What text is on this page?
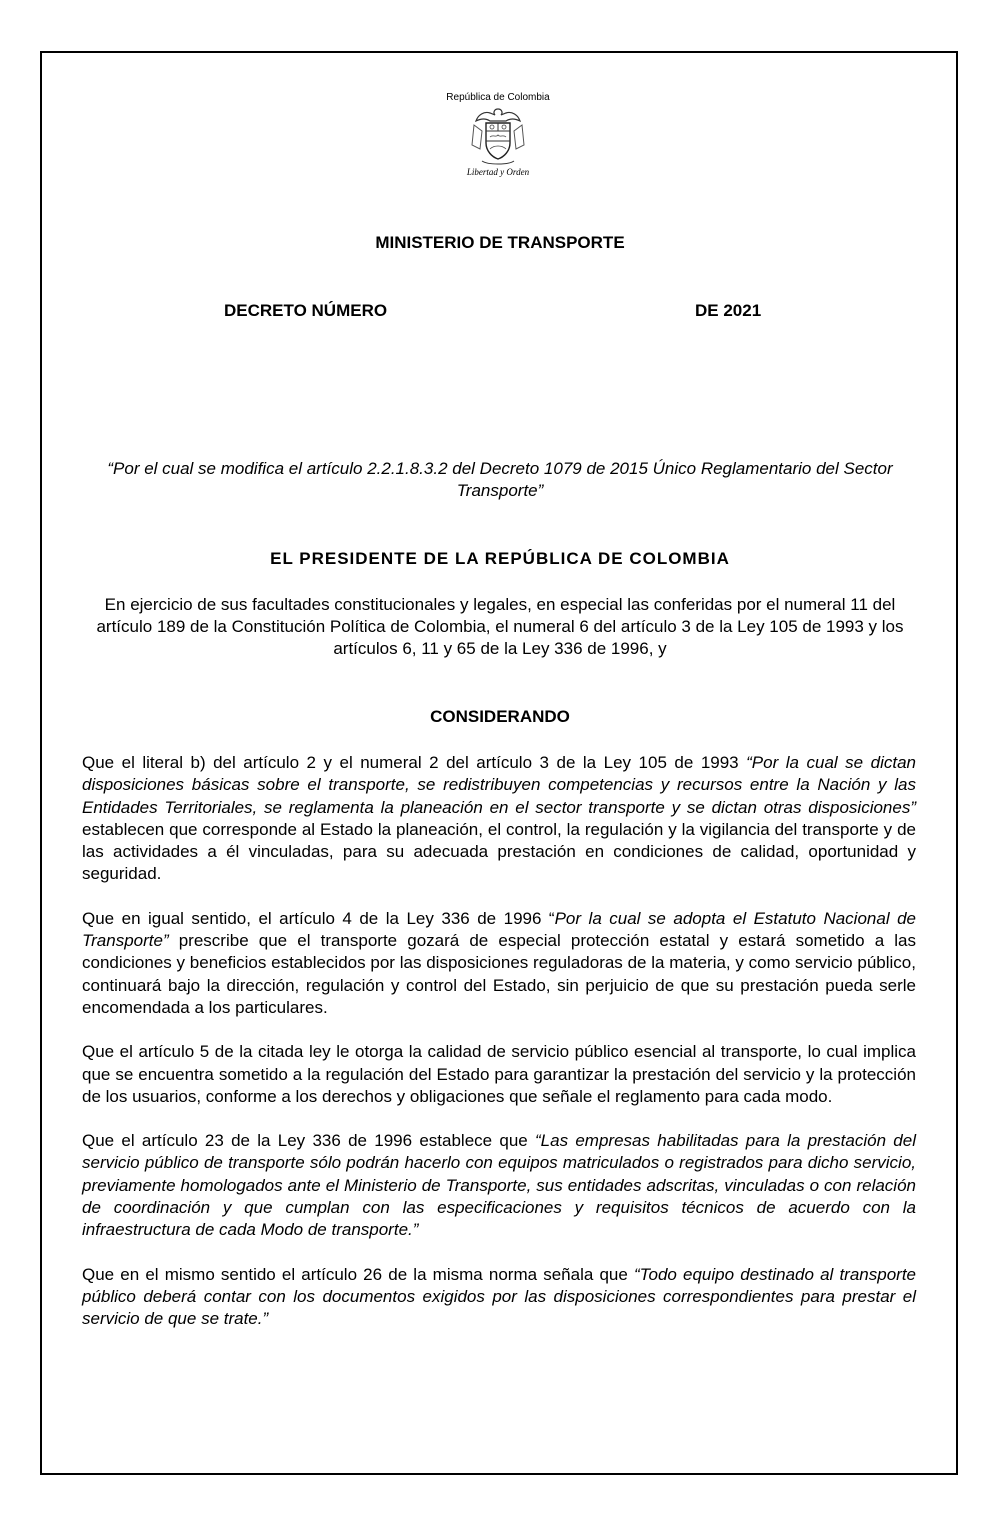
República de Colombia
Libertad y Orden
MINISTERIO DE TRANSPORTE
DECRETO NÚMERO	DE 2021
“Por el cual se modifica el artículo 2.2.1.8.3.2 del Decreto 1079 de 2015 Único Reglamentario del Sector Transporte”
EL PRESIDENTE DE LA REPÚBLICA DE COLOMBIA
En ejercicio de sus facultades constitucionales y legales, en especial las conferidas por el numeral 11 del artículo 189 de la Constitución Política de Colombia, el numeral 6 del artículo 3 de la Ley 105 de 1993 y los artículos 6, 11 y 65 de la Ley 336 de 1996, y
CONSIDERANDO

Que el literal b) del artículo 2 y el numeral 2 del artículo 3 de la Ley 105 de 1993 “Por la cual se dictan disposiciones básicas sobre el transporte, se redistribuyen competencias y recursos entre la Nación y las Entidades Territoriales, se reglamenta la planeación en el sector transporte y se dictan otras disposiciones” establecen que corresponde al Estado la planeación, el control, la regulación y la vigilancia del transporte y de las actividades a él vinculadas, para su adecuada prestación en condiciones de calidad, oportunidad y seguridad.

Que en igual sentido, el artículo 4 de la Ley 336 de 1996 “Por la cual se adopta el Estatuto Nacional de Transporte” prescribe que el transporte gozará de especial protección estatal y estará sometido a las condiciones y beneficios establecidos por las disposiciones reguladoras de la materia, y como servicio público, continuará bajo la dirección, regulación y control del Estado, sin perjuicio de que su prestación pueda serle encomendada a los particulares.

Que el artículo 5 de la citada ley le otorga la calidad de servicio público esencial al transporte, lo cual implica que se encuentra sometido a la regulación del Estado para garantizar la prestación del servicio y la protección de los usuarios, conforme a los derechos y obligaciones que señale el reglamento para cada modo.

Que el artículo 23 de la Ley 336 de 1996 establece que “Las empresas habilitadas para la prestación del servicio público de transporte sólo podrán hacerlo con equipos matriculados o registrados para dicho servicio, previamente homologados ante el Ministerio de Transporte, sus entidades adscritas, vinculadas o con relación de coordinación y que cumplan con las especificaciones y requisitos técnicos de acuerdo con la infraestructura de cada Modo de transporte.”

Que en el mismo sentido el artículo 26 de la misma norma señala que “Todo equipo destinado al transporte público deberá contar con los documentos exigidos por las disposiciones correspondientes para prestar el servicio de que se trate.”
